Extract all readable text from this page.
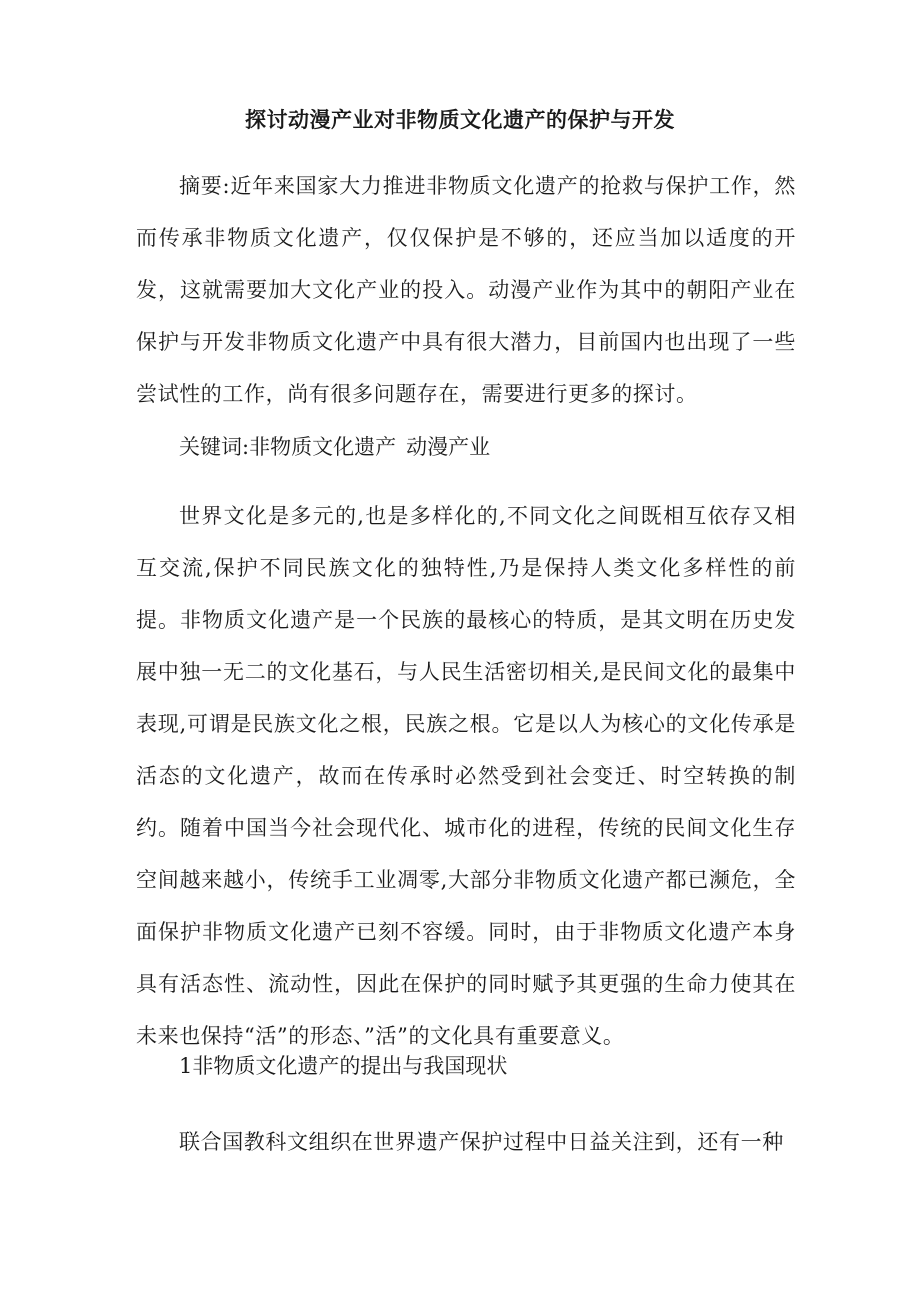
探讨动漫产业对非物质文化遗产的保护与开发

摘要:近年来国家大力推进非物质文化遗产的抢救与保护工作，然而传承非物质文化遗产，仅仅保护是不够的，还应当加以适度的开发，这就需要加大文化产业的投入。动漫产业作为其中的朝阳产业在保护与开发非物质文化遗产中具有很大潜力，目前国内也出现了一些尝试性的工作，尚有很多问题存在，需要进行更多的探讨。

关键词:非物质文化遗产 动漫产业

世界文化是多元的,也是多样化的,不同文化之间既相互依存又相互交流,保护不同民族文化的独特性,乃是保持人类文化多样性的前提。非物质文化遗产是一个民族的最核心的特质，是其文明在历史发展中独一无二的文化基石，与人民生活密切相关,是民间文化的最集中表现,可谓是民族文化之根，民族之根。它是以人为核心的文化传承是活态的文化遗产，故而在传承时必然受到社会变迁、时空转换的制约。随着中国当今社会现代化、城市化的进程，传统的民间文化生存空间越来越小，传统手工业凋零,大部分非物质文化遗产都已濒危，全面保护非物质文化遗产已刻不容缓。同时，由于非物质文化遗产本身具有活态性、流动性，因此在保护的同时赋予其更强的生命力使其在未来也保持“活”的形态、”活”的文化具有重要意义。

1非物质文化遗产的提出与我国现状

联合国教科文组织在世界遗产保护过程中日益关注到，还有一种
